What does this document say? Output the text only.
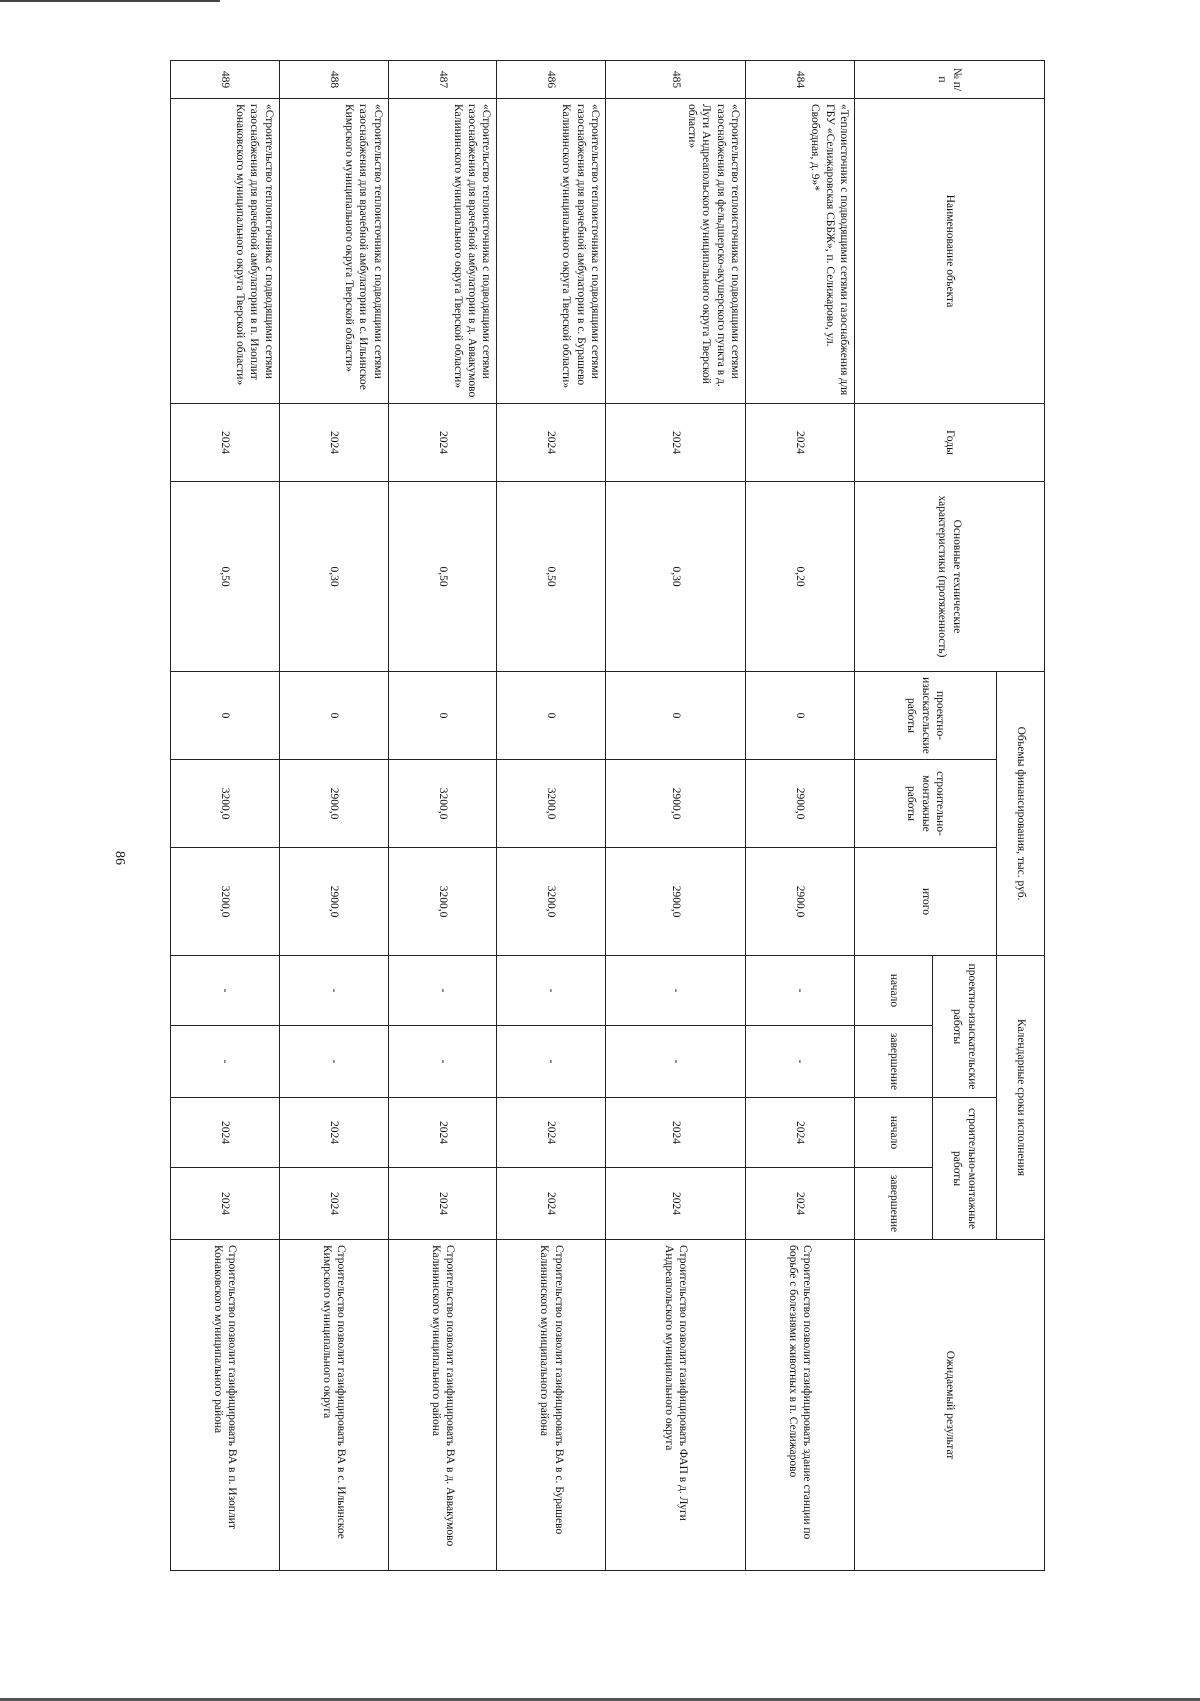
86
№ п/п	Наименование объекта	Годы	Основные технические характеристики (протяженность)	Объемы финансирования, тыс. руб.			Календарные сроки исполнения				Ожидаемый результат
				проектно-изыскательские работы	строительно-монтажные работы	итого	проектно-изыскательские работы		строительно-монтажные работы		
							начало	завершение	начало	завершение	
484	«Теплоисточник с подводящими сетями газоснабжения для ГБУ «Селижаровская СББЖ», п. Селижарово, ул. Свободная, д. 9»*	2024	0,20	0	2900,0	2900,0	-	-	2024	2024	Строительство позволит газифицировать здание станции по борьбе с болезнями животных в п. Селижарово
485	«Строительство теплоисточника с подводящими сетями газоснабжения для фельдшерско-акушерского пункта в д. Луги Андреапольского муниципального округа Тверской области»	2024	0,30	0	2900,0	2900,0	-	-	2024	2024	Строительство позволит газифицировать ФАП в д. Луги Андреапольского муниципального округа
486	«Строительство теплоисточника с подводящими сетями газоснабжения для врачебной амбулатории в с. Бурашево Калининского муниципального округа Тверской области»	2024	0,50	0	3200,0	3200,0	-	-	2024	2024	Строительство позволит газифицировать ВА в с. Бурашево Калининского муниципального района
487	«Строительство теплоисточника с подводящими сетями газоснабжения для врачебной амбулатории в д. Аввакумово Калининского муниципального округа Тверской области»	2024	0,50	0	3200,0	3200,0	-	-	2024	2024	Строительство позволит газифицировать ВА в д. Аввакумово Калининского муниципального района
488	«Строительство теплоисточника с подводящими сетями газоснабжения для врачебной амбулатории в с. Ильинское Кимрского муниципального округа Тверской области»	2024	0,30	0	2900,0	2900,0	-	-	2024	2024	Строительство позволит газифицировать ВА в с. Ильинское Кимрского муниципального округа
489	«Строительство теплоисточника с подводящими сетями газоснабжения для врачебной амбулатории в п. Изоплит Конаковского муниципального округа Тверской области»	2024	0,50	0	3200,0	3200,0	-	-	2024	2024	Строительство позволит газифицировать ВА в п. Изоплит Конаковского муниципального района
